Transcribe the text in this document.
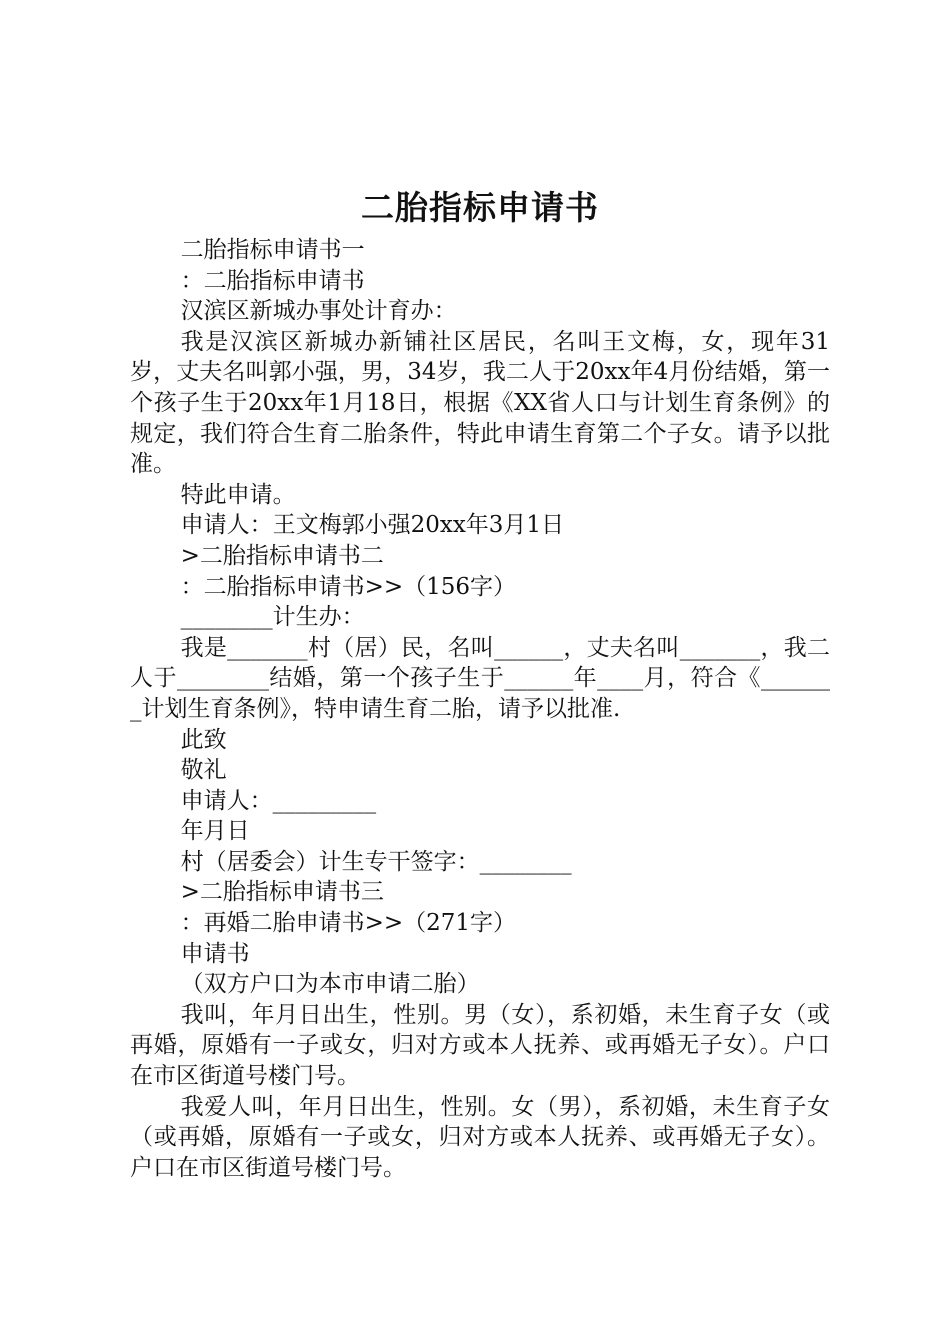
二胎指标申请书

二胎指标申请书一

：二胎指标申请书

汉滨区新城办事处计育办：

我是汉滨区新城办新铺社区居民，名叫王文梅，女，现年31岁，丈夫名叫郭小强，男，34岁，我二人于20xx年4月份结婚，第一个孩子生于20xx年1月18日，根据《XX省人口与计划生育条例》的规定，我们符合生育二胎条件，特此申请生育第二个子女。请予以批准。

特此申请。

申请人：王文梅郭小强20xx年3月1日

>二胎指标申请书二

：二胎指标申请书>>（156字）

________计生办：

我是_______村（居）民，名叫______，丈夫名叫_______，我二人于________结婚，第一个孩子生于______年____月，符合《_______计划生育条例》，特申请生育二胎，请予以批准.

此致

敬礼

申请人：_________

年月日

村（居委会）计生专干签字：________

>二胎指标申请书三

：再婚二胎申请书>>（271字）

申请书

（双方户口为本市申请二胎）

我叫，年月日出生，性别。男（女），系初婚，未生育子女（或再婚，原婚有一子或女，归对方或本人抚养、或再婚无子女）。户口在市区街道号楼门号。

我爱人叫，年月日出生，性别。女（男），系初婚，未生育子女（或再婚，原婚有一子或女，归对方或本人抚养、或再婚无子女）。户口在市区街道号楼门号。
